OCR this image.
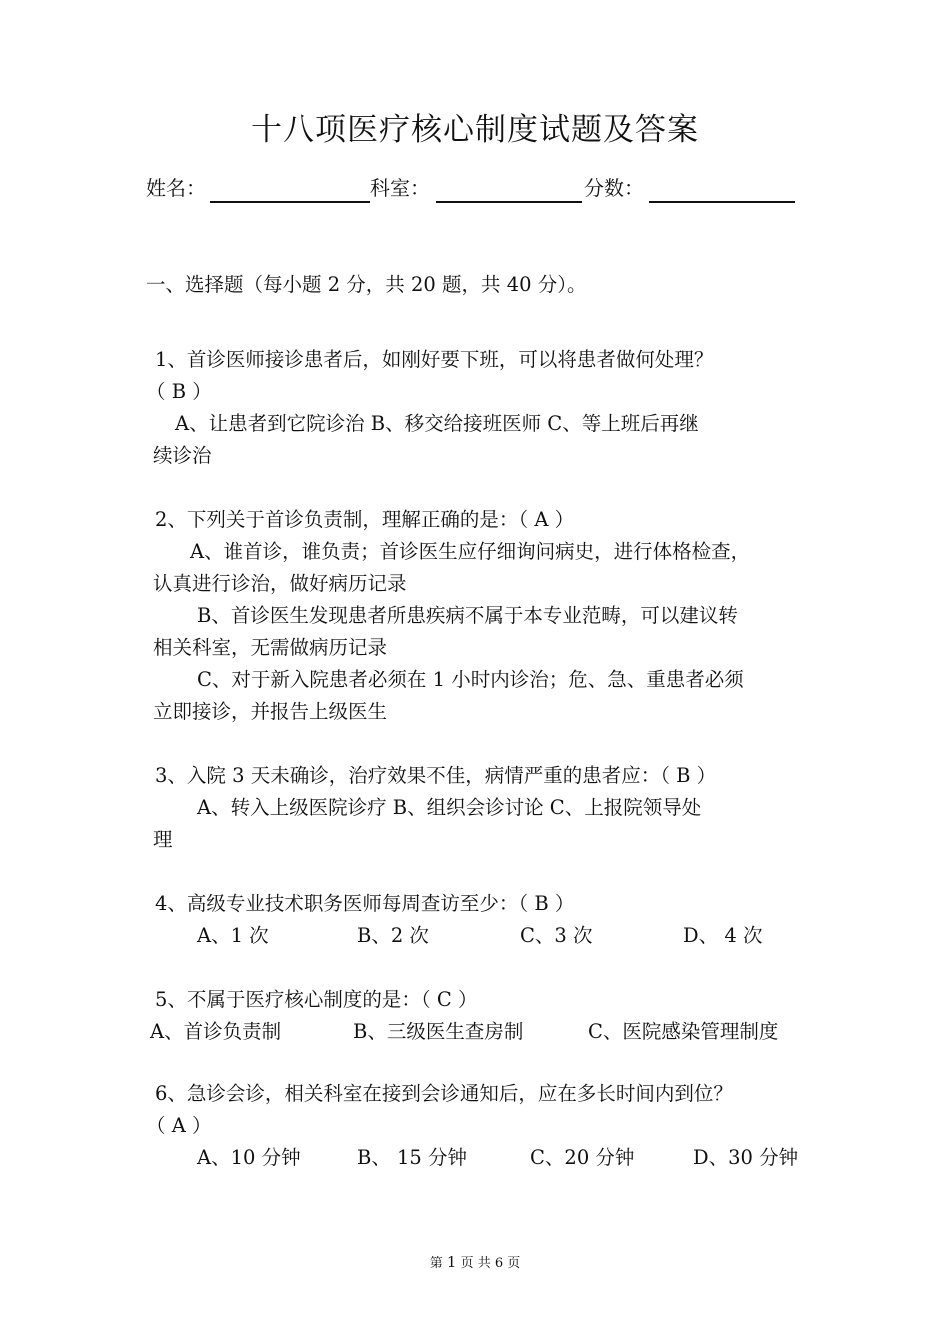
十八项医疗核心制度试题及答案
姓名：	科室：	分数：
一、选择题（每小题 2 分，共 20 题，共 40 分）。
1、首诊医师接诊患者后，如刚好要下班，可以将患者做何处理？
（ B ）
A、让患者到它院诊治 B、移交给接班医师 C、等上班后再继
续诊治
2、下列关于首诊负责制，理解正确的是：（ A ）
A、谁首诊，谁负责；首诊医生应仔细询问病史，进行体格检查，
认真进行诊治，做好病历记录
B、首诊医生发现患者所患疾病不属于本专业范畴，可以建议转
相关科室，无需做病历记录
C、对于新入院患者必须在 1 小时内诊治；危、急、重患者必须
立即接诊，并报告上级医生
3、入院 3 天未确诊，治疗效果不佳，病情严重的患者应：（ B ）
A、转入上级医院诊疗 B、组织会诊讨论 C、上报院领导处
理
4、高级专业技术职务医师每周查访至少：（ B ）
A、1 次	B、2 次	C、3 次	D、 4 次
5、不属于医疗核心制度的是：（ C ）
A、首诊负责制	B、三级医生查房制	C、医院感染管理制度
6、急诊会诊，相关科室在接到会诊通知后，应在多长时间内到位？
（ A ）
A、10 分钟	B、 15 分钟	C、20 分钟	D、30 分钟
第 1 页 共 6 页
